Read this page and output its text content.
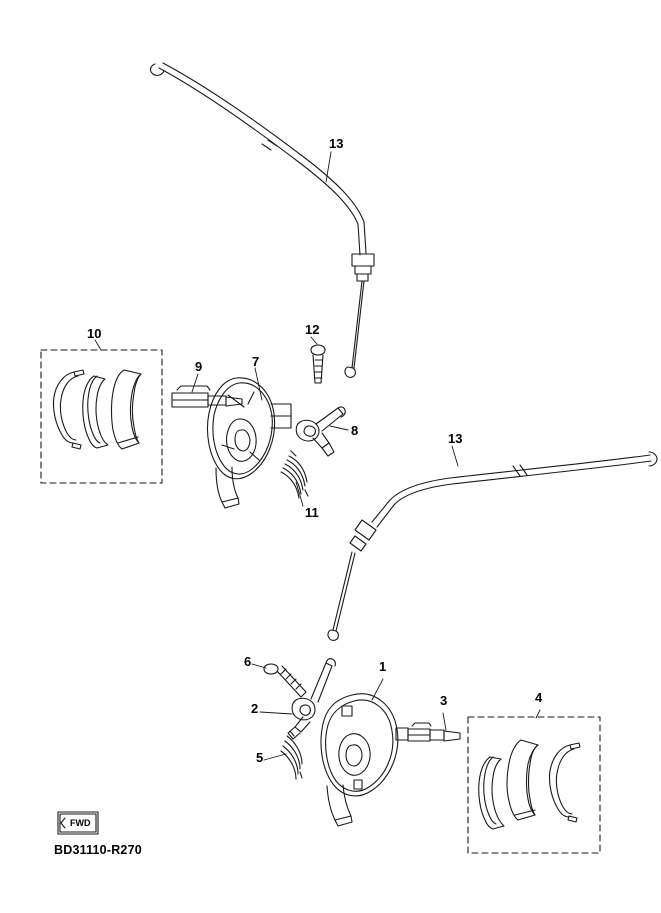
13
10
9	7
12
8
11
13
6	1
3	4
2
5
FWD
BD31110-R270
